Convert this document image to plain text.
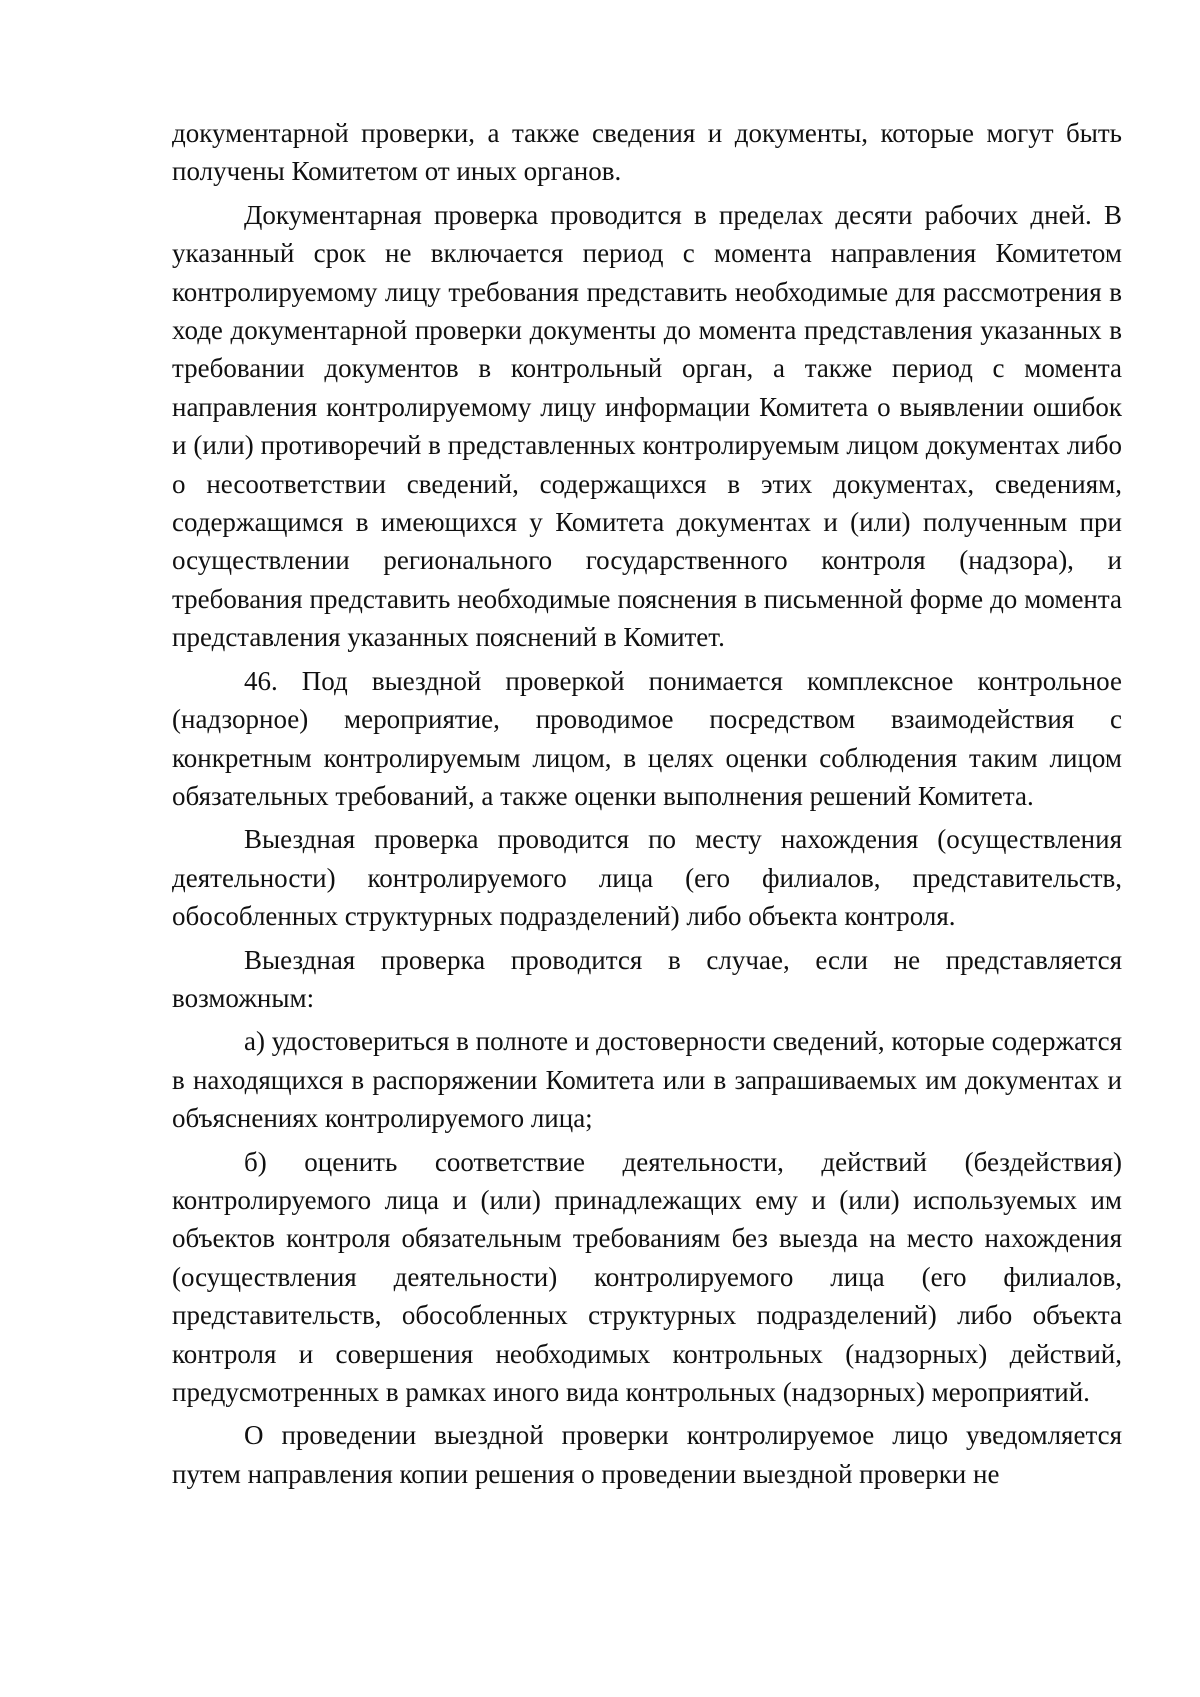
документарной проверки, а также сведения и документы, которые могут быть получены Комитетом от иных органов.

Документарная проверка проводится в пределах десяти рабочих дней. В указанный срок не включается период с момента направления Комитетом контролируемому лицу требования представить необходимые для рассмотрения в ходе документарной проверки документы до момента представления указанных в требовании документов в контрольный орган, а также период с момента направления контролируемому лицу информации Комитета о выявлении ошибок и (или) противоречий в представленных контролируемым лицом документах либо о несоответствии сведений, содержащихся в этих документах, сведениям, содержащимся в имеющихся у Комитета документах и (или) полученным при осуществлении регионального государственного контроля (надзора), и требования представить необходимые пояснения в письменной форме до момента представления указанных пояснений в Комитет.

46. Под выездной проверкой понимается комплексное контрольное (надзорное) мероприятие, проводимое посредством взаимодействия с конкретным контролируемым лицом, в целях оценки соблюдения таким лицом обязательных требований, а также оценки выполнения решений Комитета.

Выездная проверка проводится по месту нахождения (осуществления деятельности) контролируемого лица (его филиалов, представительств, обособленных структурных подразделений) либо объекта контроля.

Выездная проверка проводится в случае, если не представляется возможным:

а) удостовериться в полноте и достоверности сведений, которые содержатся в находящихся в распоряжении Комитета или в запрашиваемых им документах и объяснениях контролируемого лица;

б) оценить соответствие деятельности, действий (бездействия) контролируемого лица и (или) принадлежащих ему и (или) используемых им объектов контроля обязательным требованиям без выезда на место нахождения (осуществления деятельности) контролируемого лица (его филиалов, представительств, обособленных структурных подразделений) либо объекта контроля и совершения необходимых контрольных (надзорных) действий, предусмотренных в рамках иного вида контрольных (надзорных) мероприятий.

О проведении выездной проверки контролируемое лицо уведомляется путем направления копии решения о проведении выездной проверки не
